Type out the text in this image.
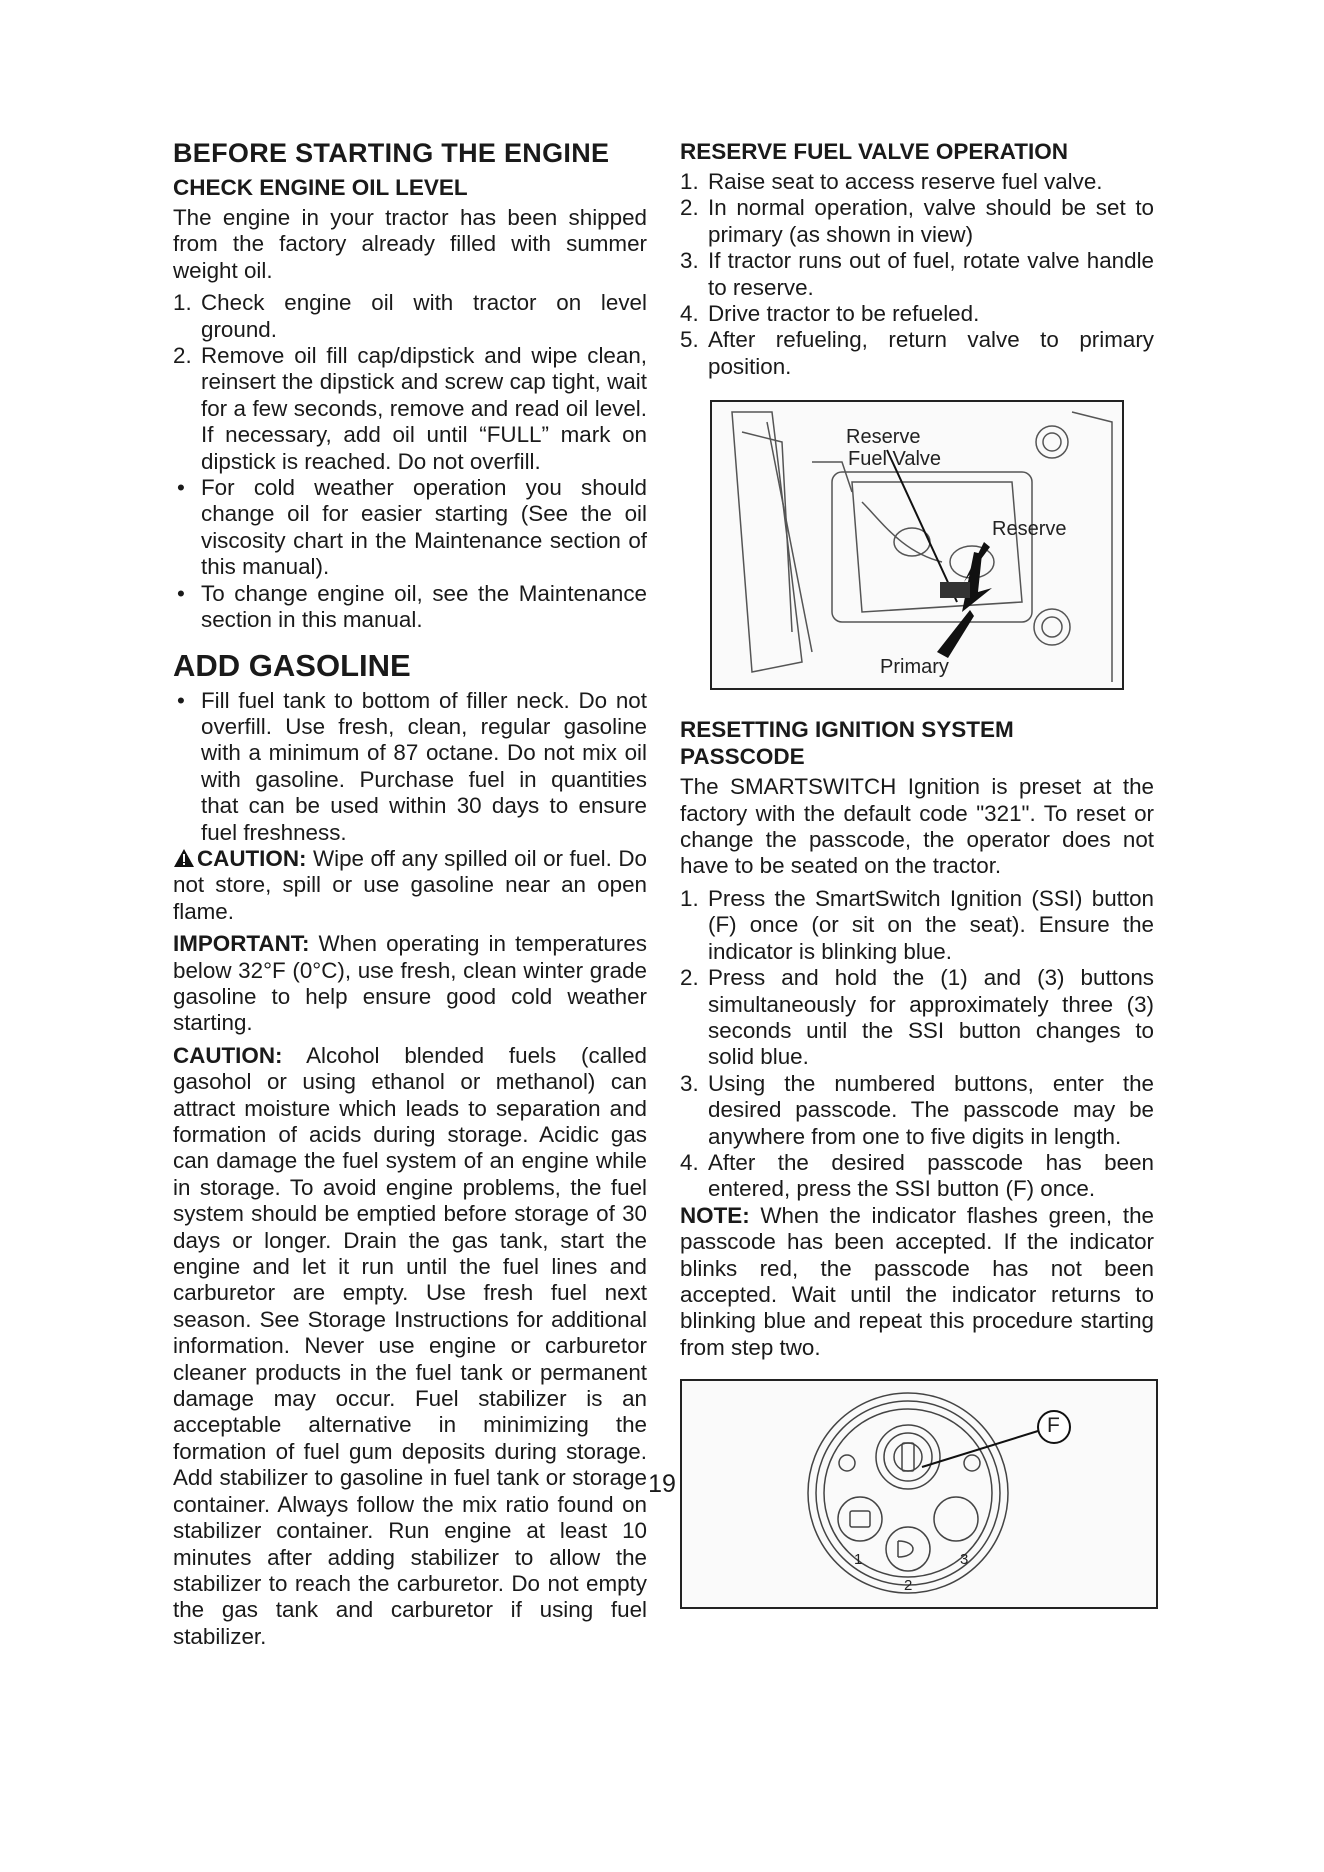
BEFORE STARTING THE ENGINE
CHECK ENGINE OIL LEVEL

The engine in your tractor has been shipped from the factory already filled with summer weight oil.

1. Check engine oil with tractor on level ground.
2. Remove oil fill cap/dipstick and wipe clean, reinsert the dipstick and screw cap tight, wait for a few seconds, remove and read oil level. If necessary, add oil until “FULL” mark on dipstick is reached. Do not overfill.
• For cold weather operation you should change oil for easier starting (See the oil viscosity chart in the Maintenance section of this manual).
• To change engine oil, see the Maintenance section in this manual.
ADD GASOLINE
• Fill fuel tank to bottom of filler neck. Do not overfill. Use fresh, clean, regular gasoline with a minimum of 87 octane. Do not mix oil with gasoline. Purchase fuel in quantities that can be used within 30 days to ensure fuel freshness.

CAUTION: Wipe off any spilled oil or fuel. Do not store, spill or use gasoline near an open flame.

IMPORTANT: When operating in temperatures below 32°F (0°C), use fresh, clean winter grade gasoline to help ensure good cold weather starting.

CAUTION: Alcohol blended fuels (called gasohol or using ethanol or methanol) can attract moisture which leads to separation and formation of acids during storage. Acidic gas can damage the fuel system of an engine while in storage. To avoid engine problems, the fuel system should be emptied before storage of 30 days or longer. Drain the gas tank, start the engine and let it run until the fuel lines and carburetor are empty. Use fresh fuel next season. See Storage Instructions for additional information. Never use engine or carburetor cleaner products in the fuel tank or permanent damage may occur. Fuel stabilizer is an acceptable alternative in minimizing the formation of fuel gum deposits during storage. Add stabilizer to gasoline in fuel tank or storage container. Always follow the mix ratio found on stabilizer container. Run engine at least 10 minutes after adding stabilizer to allow the stabilizer to reach the carburetor. Do not empty the gas tank and carburetor if using fuel stabilizer.

RESERVE FUEL VALVE OPERATION
1. Raise seat to access reserve fuel valve.
2. In normal operation, valve should be set to primary (as shown in view)
3. If tractor runs out of fuel, rotate valve handle to reserve.
4. Drive tractor to be refueled.
5. After refueling, return valve to primary position.
Reserve
Fuel Valve
Reserve
Primary
RESETTING IGNITION SYSTEM
PASSCODE

The SMARTSWITCH Ignition is preset at the factory with the default code "321". To reset or change the passcode, the operator does not have to be seated on the tractor.

1. Press the SmartSwitch Ignition (SSI) button (F) once (or sit on the seat). Ensure the indicator is blinking blue.
2. Press and hold the (1) and (3) buttons simultaneously for approximately three (3) seconds until the SSI button changes to solid blue.
3. Using the numbered buttons, enter the desired passcode. The passcode may be anywhere from one to five digits in length.
4. After the desired passcode has been entered, press the SSI button (F) once.

NOTE: When the indicator flashes green, the passcode has been accepted. If the indicator blinks red, the passcode has not been accepted. Wait until the indicator returns to blinking blue and repeat this procedure starting from step two.

F
1
2
3
19
